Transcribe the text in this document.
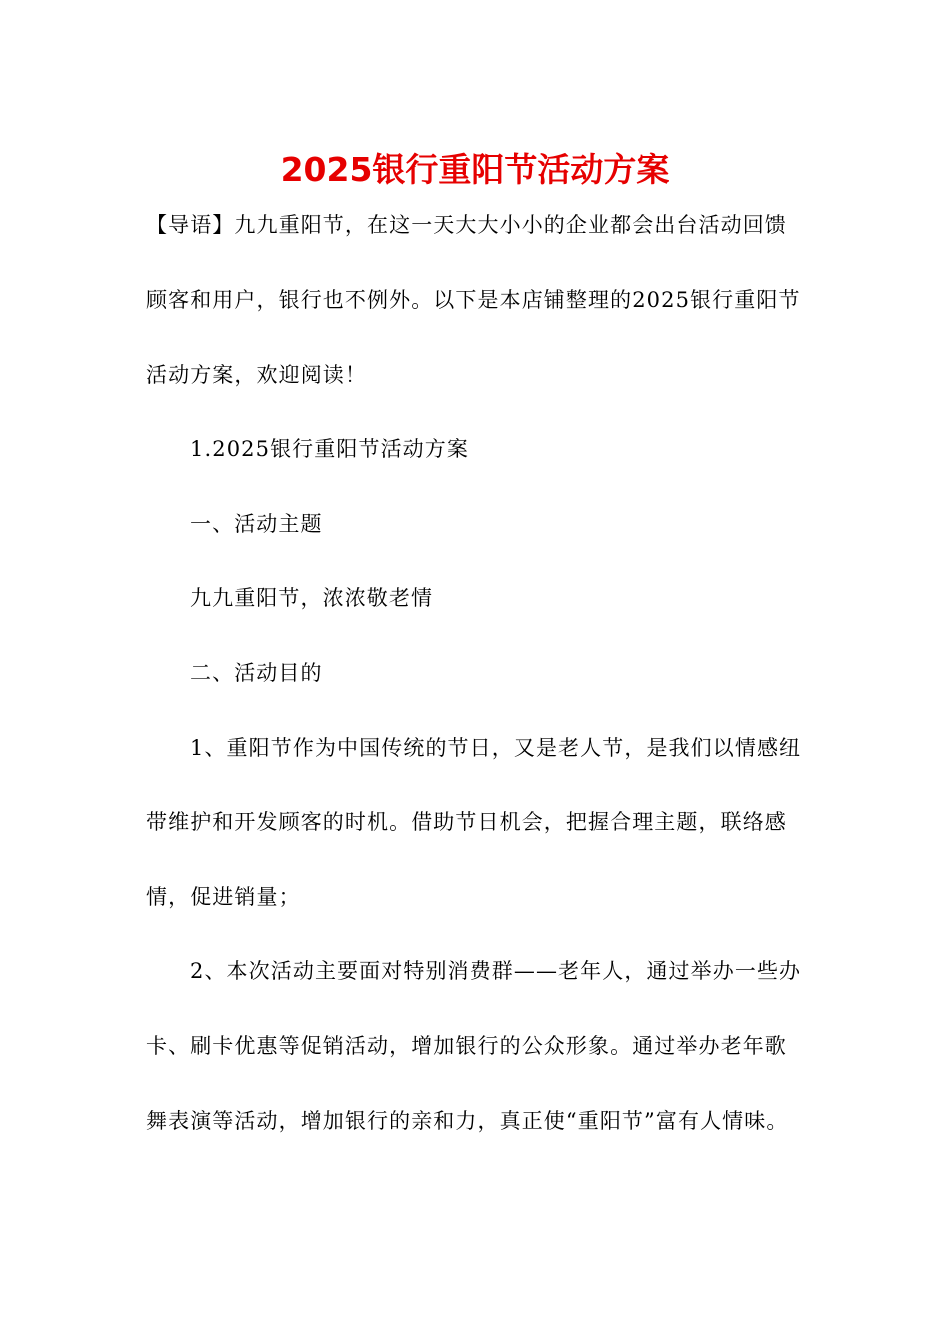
2025银行重阳节活动方案

【导语】九九重阳节，在这一天大大小小的企业都会出台活动回馈

顾客和用户，银行也不例外。以下是本店铺整理的2025银行重阳节

活动方案，欢迎阅读！

1.2025银行重阳节活动方案

一、活动主题

九九重阳节，浓浓敬老情

二、活动目的

1、重阳节作为中国传统的节日，又是老人节，是我们以情感纽

带维护和开发顾客的时机。借助节日机会，把握合理主题，联络感

情，促进销量；

2、本次活动主要面对特别消费群——老年人，通过举办一些办

卡、刷卡优惠等促销活动，增加银行的公众形象。通过举办老年歌

舞表演等活动，增加银行的亲和力，真正使“重阳节”富有人情味。
